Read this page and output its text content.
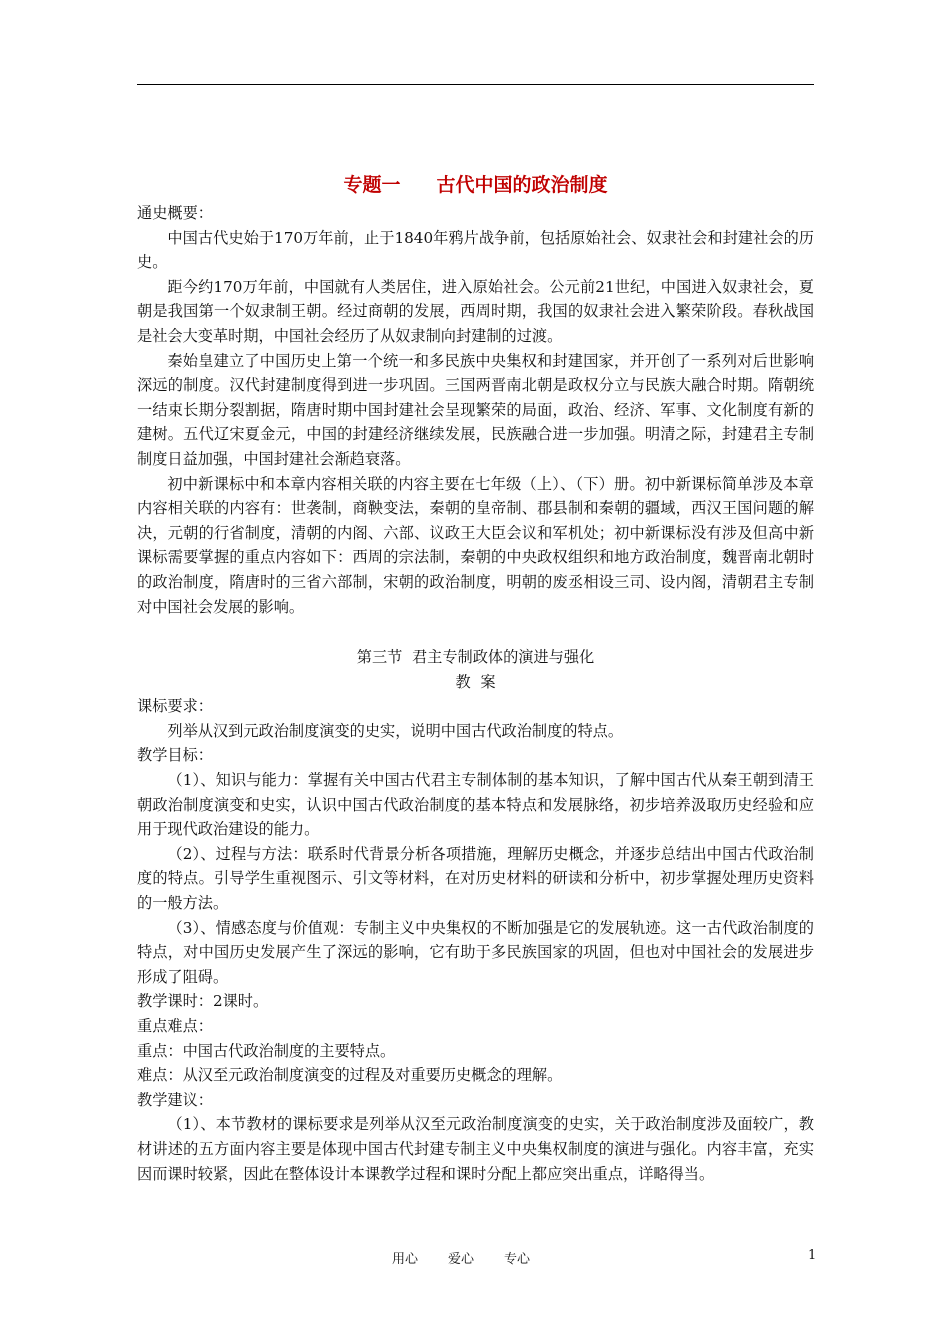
专题一 古代中国的政治制度

通史概要：

中国古代史始于170万年前，止于1840年鸦片战争前，包括原始社会、奴隶社会和封建社会的历史。

距今约170万年前，中国就有人类居住，进入原始社会。公元前21世纪，中国进入奴隶社会，夏朝是我国第一个奴隶制王朝。经过商朝的发展，西周时期，我国的奴隶社会进入繁荣阶段。春秋战国是社会大变革时期，中国社会经历了从奴隶制向封建制的过渡。

秦始皇建立了中国历史上第一个统一和多民族中央集权和封建国家，并开创了一系列对后世影响深远的制度。汉代封建制度得到进一步巩固。三国两晋南北朝是政权分立与民族大融合时期。隋朝统一结束长期分裂割据，隋唐时期中国封建社会呈现繁荣的局面，政治、经济、军事、文化制度有新的建树。五代辽宋夏金元，中国的封建经济继续发展，民族融合进一步加强。明清之际，封建君主专制制度日益加强，中国封建社会渐趋衰落。

初中新课标中和本章内容相关联的内容主要在七年级（上）、（下）册。初中新课标简单涉及本章内容相关联的内容有：世袭制，商鞅变法，秦朝的皇帝制、郡县制和秦朝的疆域，西汉王国问题的解决，元朝的行省制度，清朝的内阁、六部、议政王大臣会议和军机处；初中新课标没有涉及但高中新课标需要掌握的重点内容如下：西周的宗法制，秦朝的中央政权组织和地方政治制度，魏晋南北朝时的政治制度，隋唐时的三省六部制，宋朝的政治制度，明朝的废丞相设三司、设内阁，清朝君主专制对中国社会发展的影响。

第三节  君主专制政体的演进与强化

教  案

课标要求：

列举从汉到元政治制度演变的史实，说明中国古代政治制度的特点。

教学目标：

（1）、知识与能力：掌握有关中国古代君主专制体制的基本知识，了解中国古代从秦王朝到清王朝政治制度演变和史实，认识中国古代政治制度的基本特点和发展脉络，初步培养汲取历史经验和应用于现代政治建设的能力。

（2）、过程与方法：联系时代背景分析各项措施，理解历史概念，并逐步总结出中国古代政治制度的特点。引导学生重视图示、引文等材料，在对历史材料的研读和分析中，初步掌握处理历史资料的一般方法。

（3）、情感态度与价值观：专制主义中央集权的不断加强是它的发展轨迹。这一古代政治制度的特点，对中国历史发展产生了深远的影响，它有助于多民族国家的巩固，但也对中国社会的发展进步形成了阻碍。

教学课时：2课时。

重点难点：

重点：中国古代政治制度的主要特点。

难点：从汉至元政治制度演变的过程及对重要历史概念的理解。

教学建议：

（1）、本节教材的课标要求是列举从汉至元政治制度演变的史实，关于政治制度涉及面较广，教材讲述的五方面内容主要是体现中国古代封建专制主义中央集权制度的演进与强化。内容丰富，充实因而课时较紧，因此在整体设计本课教学过程和课时分配上都应突出重点，详略得当。

用心 爱心 专心	1
